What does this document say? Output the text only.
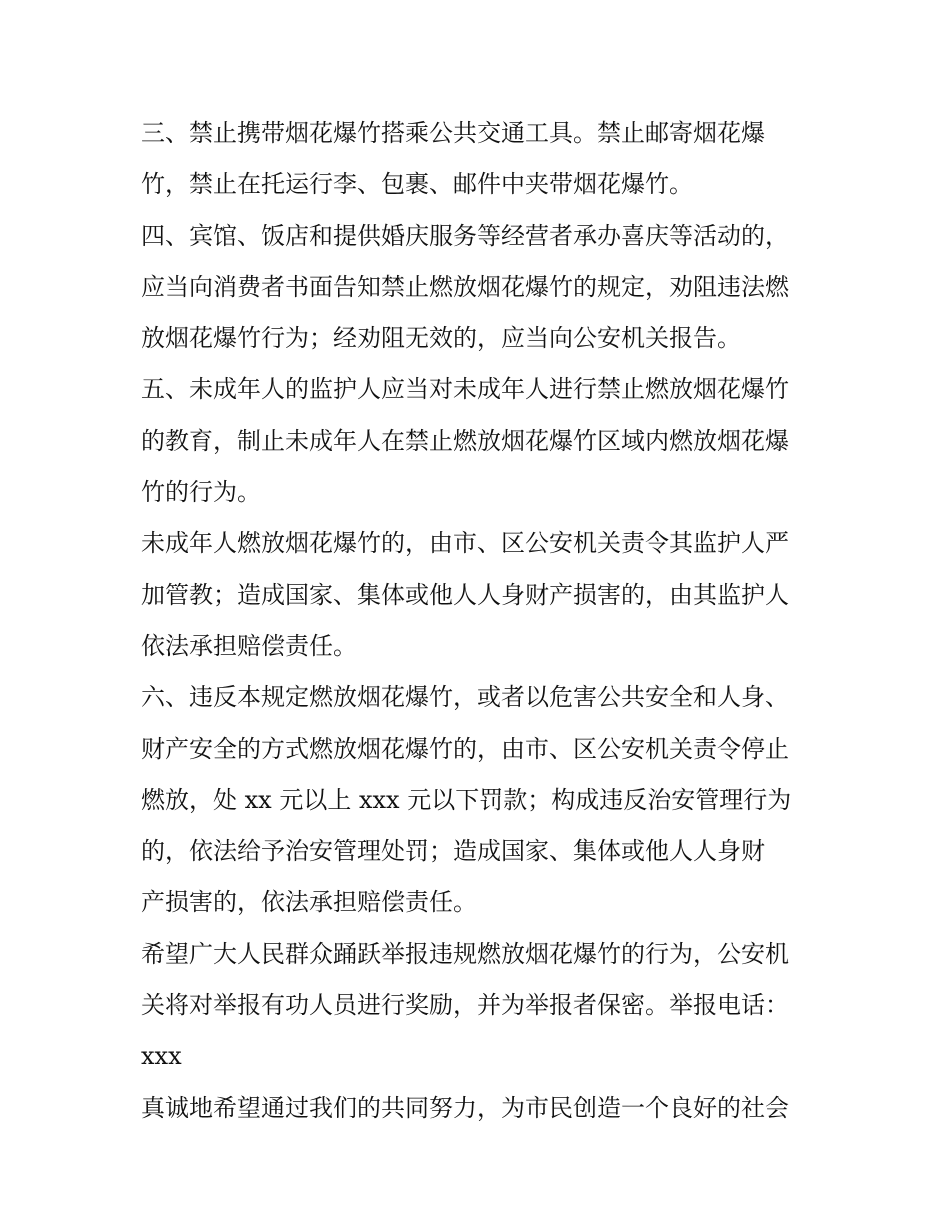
三、禁止携带烟花爆竹搭乘公共交通工具。禁止邮寄烟花爆
竹，禁止在托运行李、包裹、邮件中夹带烟花爆竹。
四、宾馆、饭店和提供婚庆服务等经营者承办喜庆等活动的，
应当向消费者书面告知禁止燃放烟花爆竹的规定，劝阻违法燃
放烟花爆竹行为；经劝阻无效的，应当向公安机关报告。
五、未成年人的监护人应当对未成年人进行禁止燃放烟花爆竹
的教育，制止未成年人在禁止燃放烟花爆竹区域内燃放烟花爆
竹的行为。
未成年人燃放烟花爆竹的，由市、区公安机关责令其监护人严
加管教；造成国家、集体或他人人身财产损害的，由其监护人
依法承担赔偿责任。
六、违反本规定燃放烟花爆竹，或者以危害公共安全和人身、
财产安全的方式燃放烟花爆竹的，由市、区公安机关责令停止
燃放，处 xx 元以上 xxx 元以下罚款；构成违反治安管理行为
的，依法给予治安管理处罚；造成国家、集体或他人人身财
产损害的，依法承担赔偿责任。
希望广大人民群众踊跃举报违规燃放烟花爆竹的行为，公安机
关将对举报有功人员进行奖励，并为举报者保密。举报电话：
xxx
真诚地希望通过我们的共同努力，为市民创造一个良好的社会
